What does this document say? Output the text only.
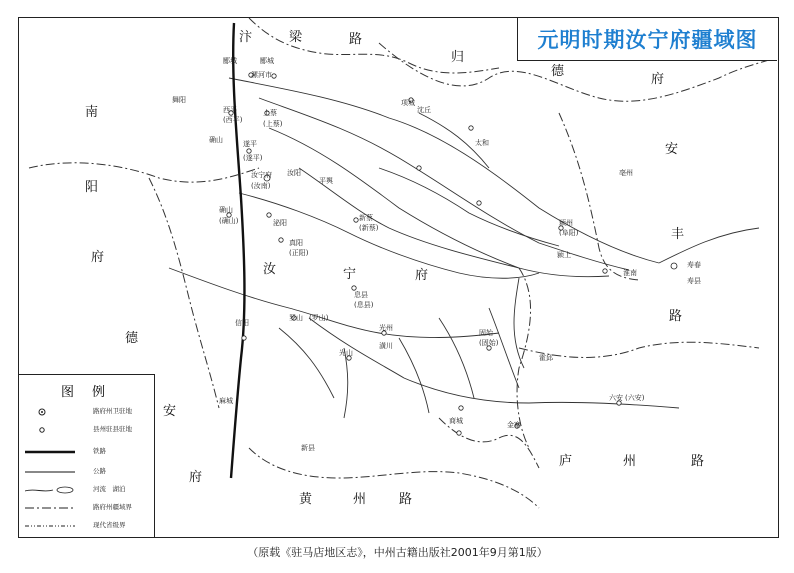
元明时期汝宁府疆域图
汴	梁	路
归
德
府
南
阳
府
德
安
府
安
丰
路
汝	宁	府
黄	州	路
庐	州	路
郾城	郾城
漯河市
舞阳
西平
(西平)
上蔡
(上蔡)
确山	遂平
(遂平)
汝宁府
(汝南)
汝阳
确山
(确山)	泌阳
项城
沈丘
太和
平舆
新蔡
(新蔡)
真阳
(正阳)
息县
(息县)
罗山 (罗山)
信阳
光州
潢川
固始
(固始)
商城
光山
颍州
(阜阳)
颍上
淮南
寿春
寿县
霍邱
六安 (六安)
金寨
麻城
新县
亳州
图例
路府州卫驻地
县州驻县驻地
铁路
公路
河流　湖泊
路府州疆域界
现代省级界
（原载《驻马店地区志》，中州古籍出版社2001年9月第1版）
